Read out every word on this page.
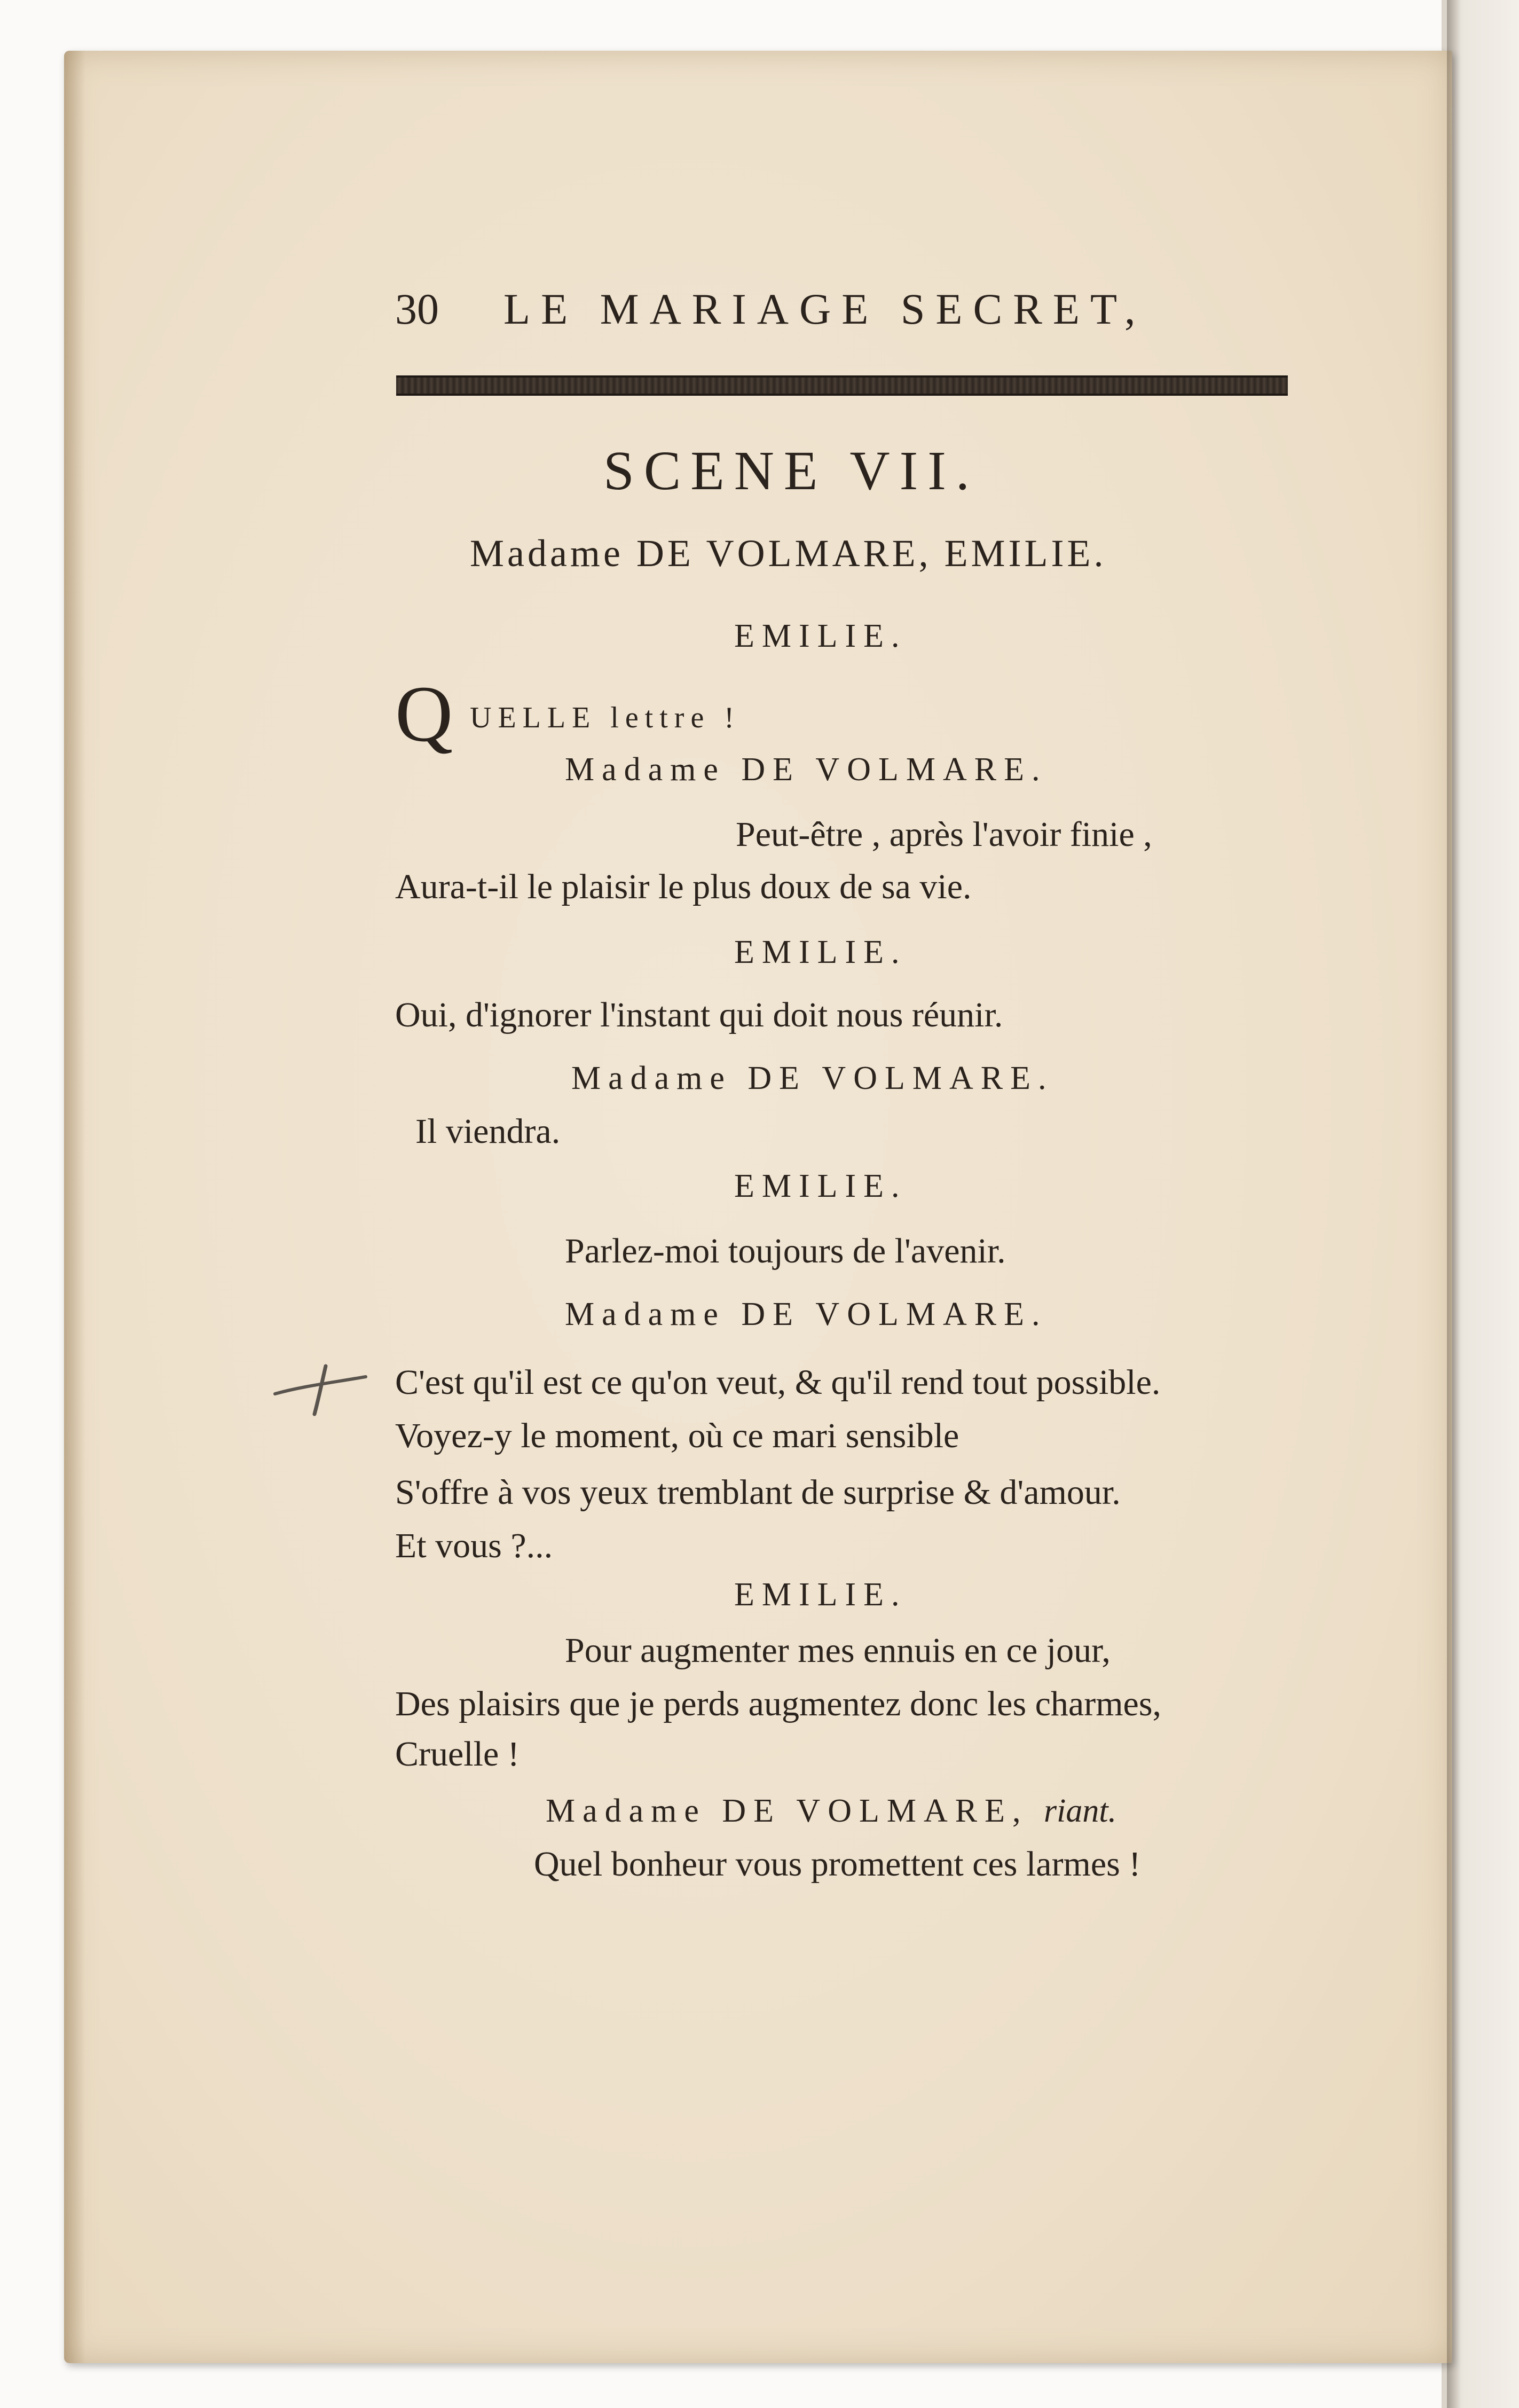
30 LE MARIAGE SECRET,
SCENE VII.
Madame DE VOLMARE, EMILIE.
EMILIE.
Q UELLE lettre !
Madame DE VOLMARE.
Peut-être , après l'avoir finie ,
Aura-t-il le plaisir le plus doux de sa vie.
EMILIE.
Oui, d'ignorer l'instant qui doit nous réunir.
Madame DE VOLMARE.
Il viendra.
EMILIE.
Parlez-moi toujours de l'avenir.
Madame DE VOLMARE.
C'est qu'il est ce qu'on veut, & qu'il rend tout possible.
Voyez-y le moment, où ce mari sensible
S'offre à vos yeux tremblant de surprise & d'amour.
Et vous ?...
EMILIE.
Pour augmenter mes ennuis en ce jour,
Des plaisirs que je perds augmentez donc les charmes,
Cruelle !
Madame DE VOLMARE, riant.
Quel bonheur vous promettent ces larmes !
